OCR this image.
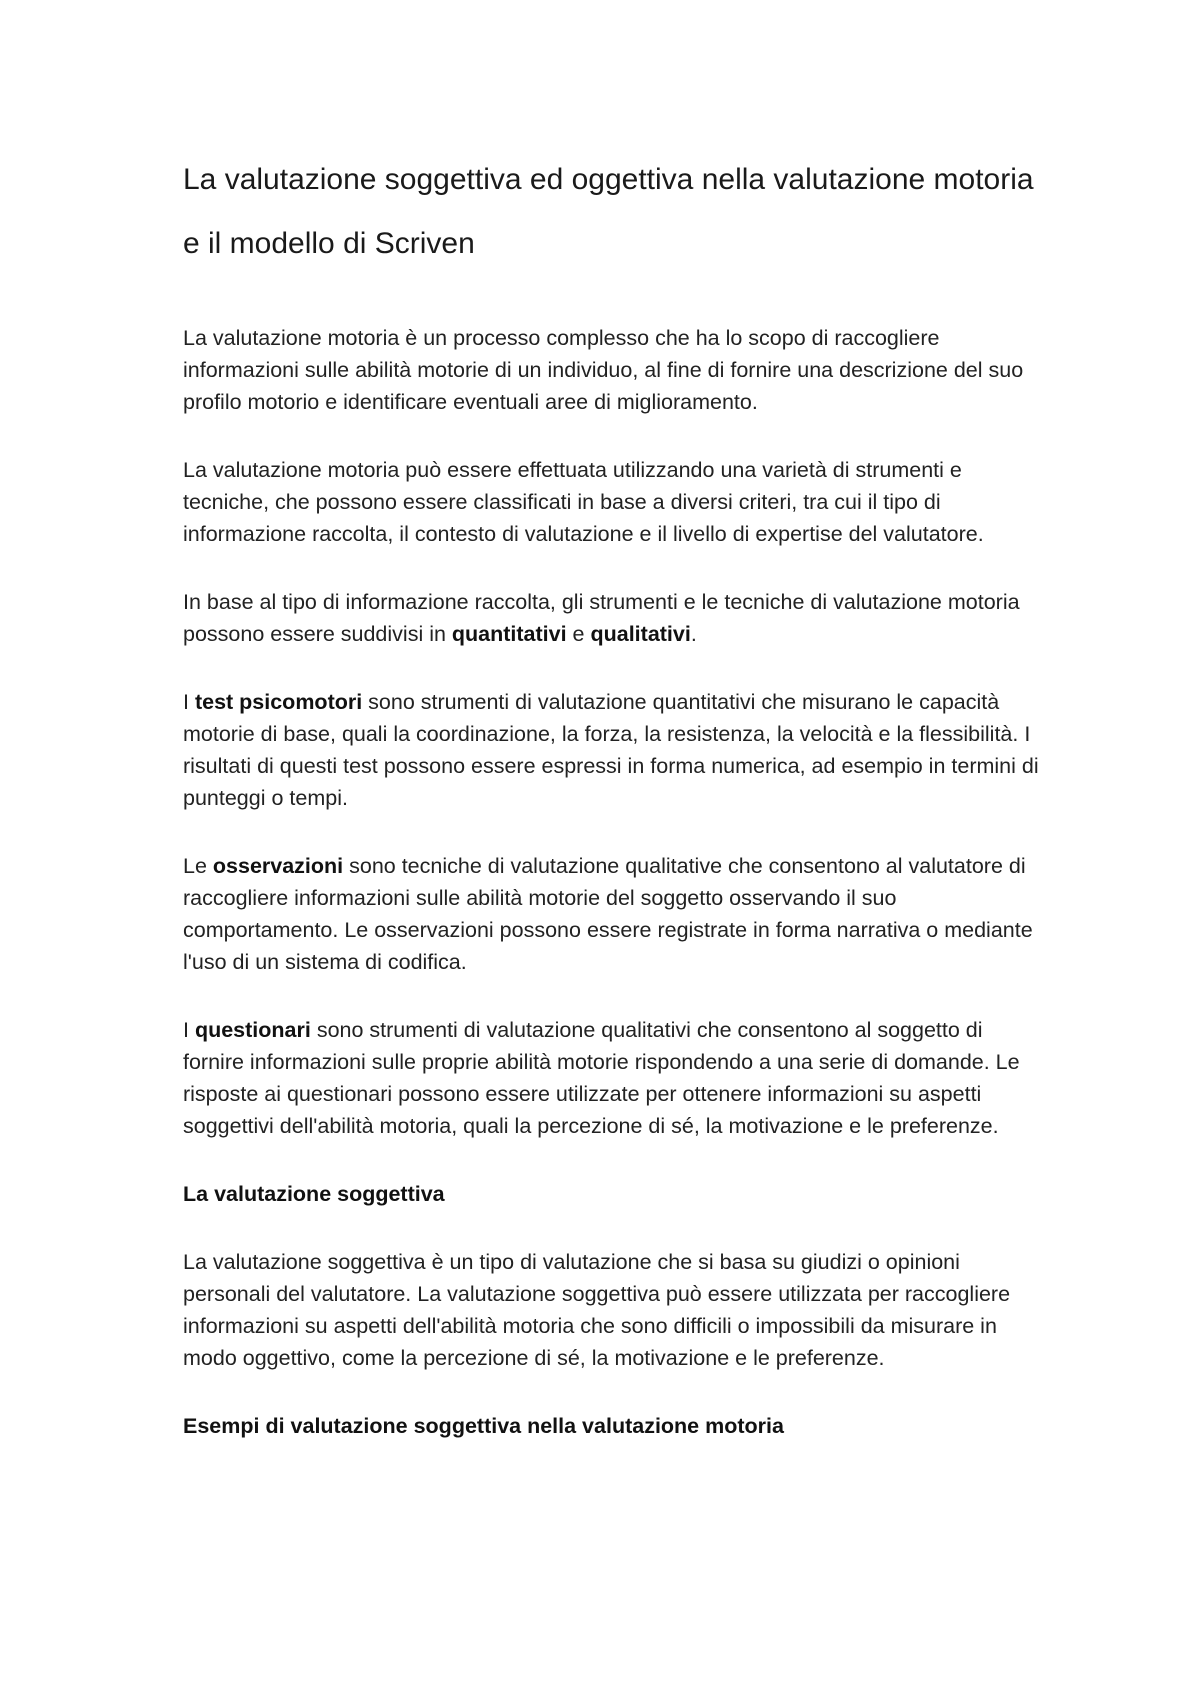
La valutazione soggettiva ed oggettiva nella valutazione motoria e il modello di Scriven

La valutazione motoria è un processo complesso che ha lo scopo di raccogliere informazioni sulle abilità motorie di un individuo, al fine di fornire una descrizione del suo profilo motorio e identificare eventuali aree di miglioramento.

La valutazione motoria può essere effettuata utilizzando una varietà di strumenti e tecniche, che possono essere classificati in base a diversi criteri, tra cui il tipo di informazione raccolta, il contesto di valutazione e il livello di expertise del valutatore.

In base al tipo di informazione raccolta, gli strumenti e le tecniche di valutazione motoria possono essere suddivisi in quantitativi e qualitativi.

I test psicomotori sono strumenti di valutazione quantitativi che misurano le capacità motorie di base, quali la coordinazione, la forza, la resistenza, la velocità e la flessibilità. I risultati di questi test possono essere espressi in forma numerica, ad esempio in termini di punteggi o tempi.

Le osservazioni sono tecniche di valutazione qualitative che consentono al valutatore di raccogliere informazioni sulle abilità motorie del soggetto osservando il suo comportamento. Le osservazioni possono essere registrate in forma narrativa o mediante l'uso di un sistema di codifica.

I questionari sono strumenti di valutazione qualitativi che consentono al soggetto di fornire informazioni sulle proprie abilità motorie rispondendo a una serie di domande. Le risposte ai questionari possono essere utilizzate per ottenere informazioni su aspetti soggettivi dell'abilità motoria, quali la percezione di sé, la motivazione e le preferenze.

La valutazione soggettiva

La valutazione soggettiva è un tipo di valutazione che si basa su giudizi o opinioni personali del valutatore. La valutazione soggettiva può essere utilizzata per raccogliere informazioni su aspetti dell'abilità motoria che sono difficili o impossibili da misurare in modo oggettivo, come la percezione di sé, la motivazione e le preferenze.

Esempi di valutazione soggettiva nella valutazione motoria
